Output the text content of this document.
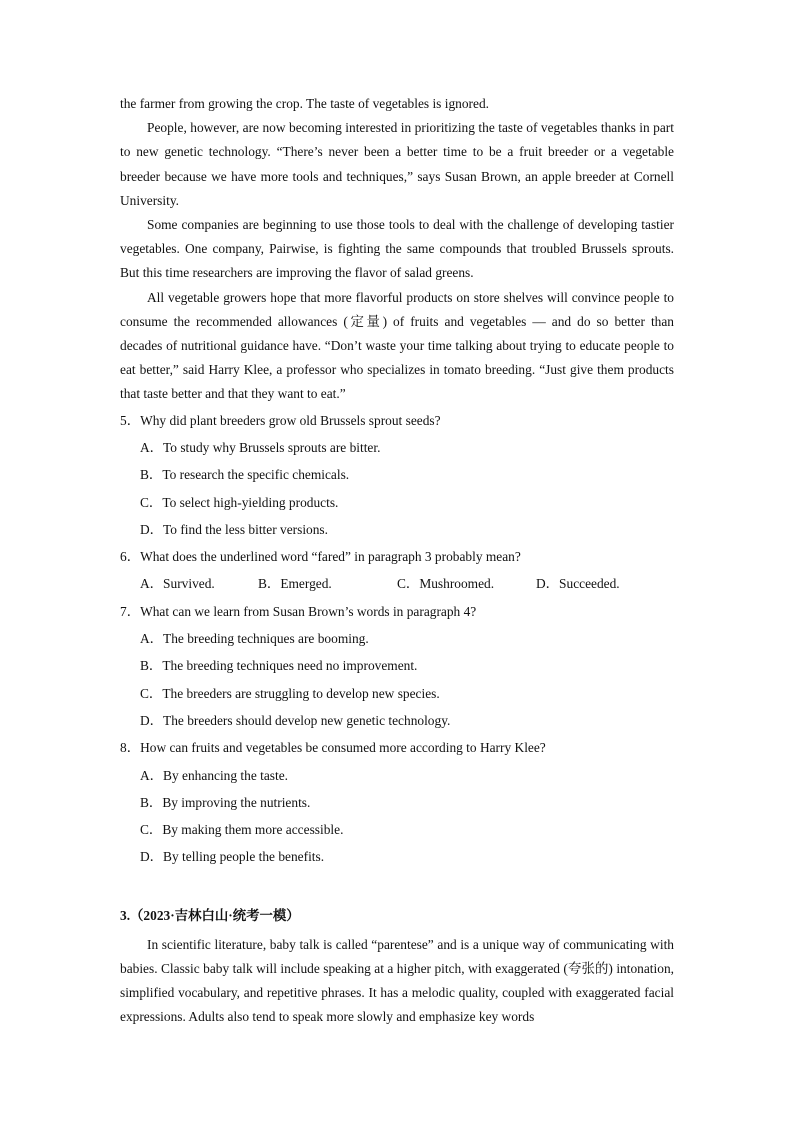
the farmer from growing the crop. The taste of vegetables is ignored.

People, however, are now becoming interested in prioritizing the taste of vegetables thanks in part to new genetic technology. “There’s never been a better time to be a fruit breeder or a vegetable breeder because we have more tools and techniques,” says Susan Brown, an apple breeder at Cornell University.

Some companies are beginning to use those tools to deal with the challenge of developing tastier vegetables. One company, Pairwise, is fighting the same compounds that troubled Brussels sprouts. But this time researchers are improving the flavor of salad greens.

All vegetable growers hope that more flavorful products on store shelves will convince people to consume the recommended allowances (定量) of fruits and vegetables — and do so better than decades of nutritional guidance have. “Don’t waste your time talking about trying to educate people to eat better,” said Harry Klee, a professor who specializes in tomato breeding. “Just give them products that taste better and that they want to eat.”

5．Why did plant breeders grow old Brussels sprout seeds?

A．To study why Brussels sprouts are bitter.

B．To research the specific chemicals.

C．To select high-yielding products.

D．To find the less bitter versions.

6．What does the underlined word “fared” in paragraph 3 probably mean?

A．Survived.	B．Emerged.	C．Mushroomed.	D．Succeeded.

7．What can we learn from Susan Brown’s words in paragraph 4?

A．The breeding techniques are booming.

B．The breeding techniques need no improvement.

C．The breeders are struggling to develop new species.

D．The breeders should develop new genetic technology.

8．How can fruits and vegetables be consumed more according to Harry Klee?

A．By enhancing the taste.

B．By improving the nutrients.

C．By making them more accessible.

D．By telling people the benefits.

3.（2023·吉林白山·统考一模）

In scientific literature, baby talk is called “parentese” and is a unique way of communicating with babies. Classic baby talk will include speaking at a higher pitch, with exaggerated (夸张的) intonation, simplified vocabulary, and repetitive phrases. It has a melodic quality, coupled with exaggerated facial expressions. Adults also tend to speak more slowly and emphasize key words
